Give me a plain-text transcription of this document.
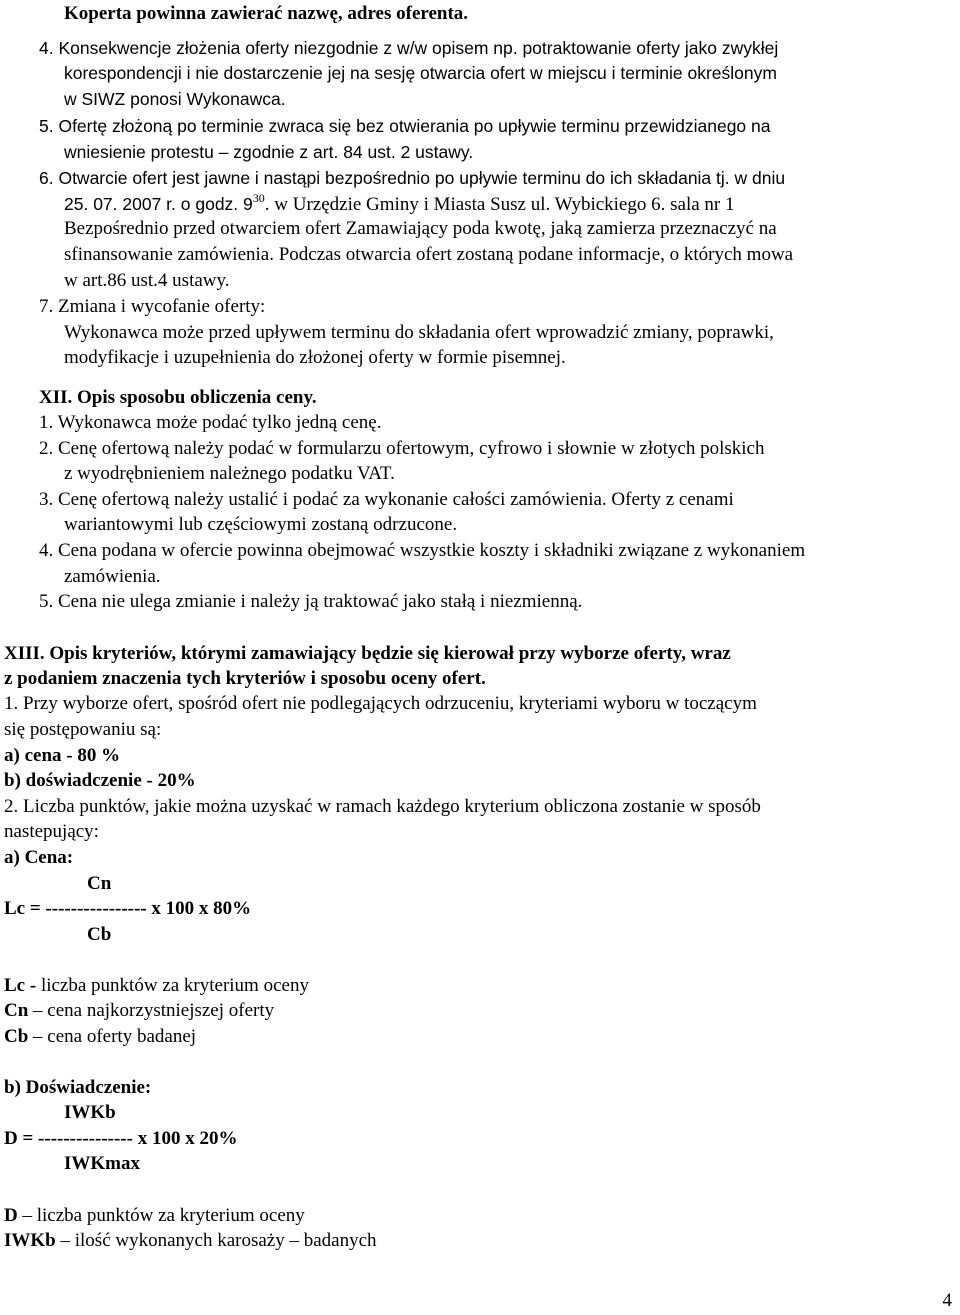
Koperta powinna zawierać nazwę, adres oferenta.
4. Konsekwencje złożenia oferty niezgodnie z w/w opisem np. potraktowanie oferty jako zwykłej
korespondencji i nie dostarczenie jej na sesję otwarcia ofert w miejscu i terminie określonym
w SIWZ ponosi Wykonawca.
5. Ofertę złożoną po terminie zwraca się bez otwierania po upływie terminu przewidzianego na
wniesienie protestu – zgodnie z art. 84 ust. 2 ustawy.
6. Otwarcie ofert jest jawne i nastąpi bezpośrednio po upływie terminu do ich składania tj. w dniu
25. 07. 2007 r. o godz. $9^{30}$. w Urzędzie Gminy i Miasta Susz ul. Wybickiego 6. sala nr 1
Bezpośrednio przed otwarciem ofert Zamawiający poda kwotę, jaką zamierza przeznaczyć na
sfinansowanie zamówienia. Podczas otwarcia ofert zostaną podane informacje, o których mowa
w art.86 ust.4 ustawy.
7. Zmiana i wycofanie oferty:
Wykonawca może przed upływem terminu do składania ofert wprowadzić zmiany, poprawki,
modyfikacje i uzupełnienia do złożonej oferty w formie pisemnej.
XII. Opis sposobu obliczenia ceny.
1. Wykonawca może podać tylko jedną cenę.
2. Cenę ofertową należy podać w formularzu ofertowym, cyfrowo i słownie w złotych polskich
z wyodrębnieniem należnego podatku VAT.
3. Cenę ofertową należy ustalić i podać za wykonanie całości zamówienia. Oferty z cenami
wariantowymi lub częściowymi zostaną odrzucone.
4. Cena podana w ofercie powinna obejmować wszystkie koszty i składniki związane z wykonaniem
zamówienia.
5. Cena nie ulega zmianie i należy ją traktować jako stałą i niezmienną.
XIII. Opis kryteriów, którymi zamawiający będzie się kierował przy wyborze oferty, wraz
z podaniem znaczenia tych kryteriów i sposobu oceny ofert.
1. Przy wyborze ofert, spośród ofert nie podlegających odrzuceniu, kryteriami wyboru w toczącym
się postępowaniu są:
a) cena - 80 %
b) doświadczenie - 20%
2. Liczba punktów, jakie można uzyskać w ramach każdego kryterium obliczona zostanie w sposób
nastepujący:
a) Cena:
Cn
Lc = ---------------- x 100 x 80%
Cb
Lc - liczba punktów za kryterium oceny
Cn – cena najkorzystniejszej oferty
Cb – cena oferty badanej
b) Doświadczenie:
IWKb
D = --------------- x 100 x 20%
IWKmax
D – liczba punktów za kryterium oceny
IWKb – ilość wykonanych karosaży – badanych
4
